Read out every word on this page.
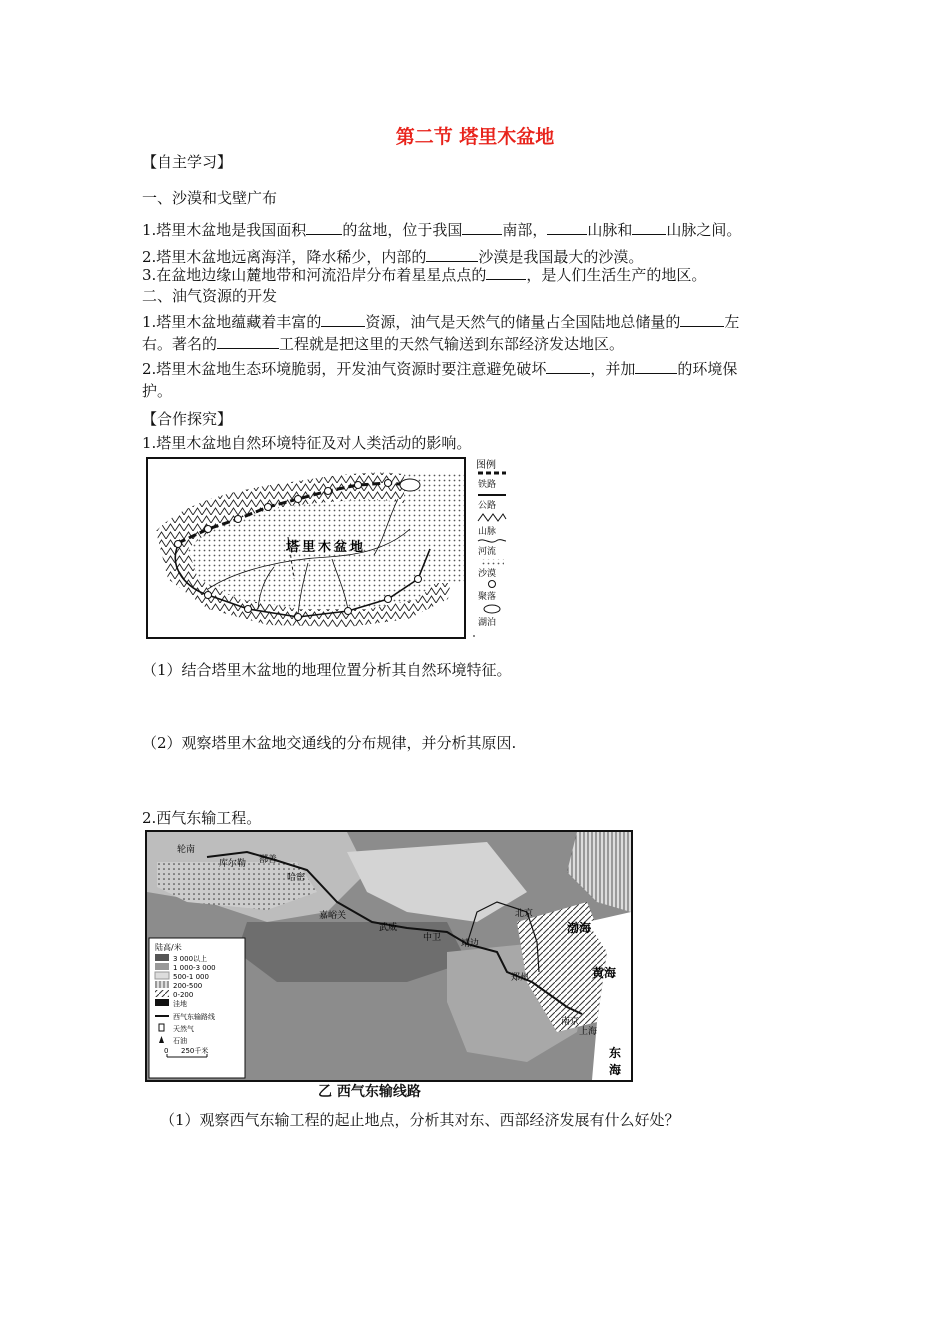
第二节 塔里木盆地
【自主学习】
一、沙漠和戈壁广布
1.塔里木盆地是我国面积 的盆地，位于我国	南部，	山脉和 山脉之间。
2.塔里木盆地远离海洋，降水稀少，内部的	沙漠是我国最大的沙漠。
3.在盆地边缘山麓地带和河流沿岸分布着星星点点的	，是人们生活生产的地区。
二、油气资源的开发
1.塔里木盆地蕴藏着丰富的	资源，油气是天然气的储量占全国陆地总储量的	左
右。著名的	工程就是把这里的天然气输送到东部经济发达地区。
2.塔里木盆地生态环境脆弱，开发油气资源时要注意避免破坏	，并加	的环境保
护。
【合作探究】
1.塔里木盆地自然环境特征及对人类活动的影响。
塔里木盆地
图例
铁路
公路
山脉
河流
沙漠
聚落
湖泊
（1）结合塔里木盆地的地理位置分析其自然环境特征。
（2）观察塔里木盆地交通线的分布规律，并分析其原因.
2.西气东输工程。
轮南
库尔勒 鄯善
哈密
嘉峪关
武威
中卫
靖边
北京
郑州
南京
上海
渤海
黄海
东
海
陆高/米
3 000以上
1 000-3 000
500-1 000
200-500
0-200
洼地
西气东输路线
天然气
石油
0 250千米
乙 西气东输线路
（1）观察西气东输工程的起止地点，分析其对东、西部经济发展有什么好处？
